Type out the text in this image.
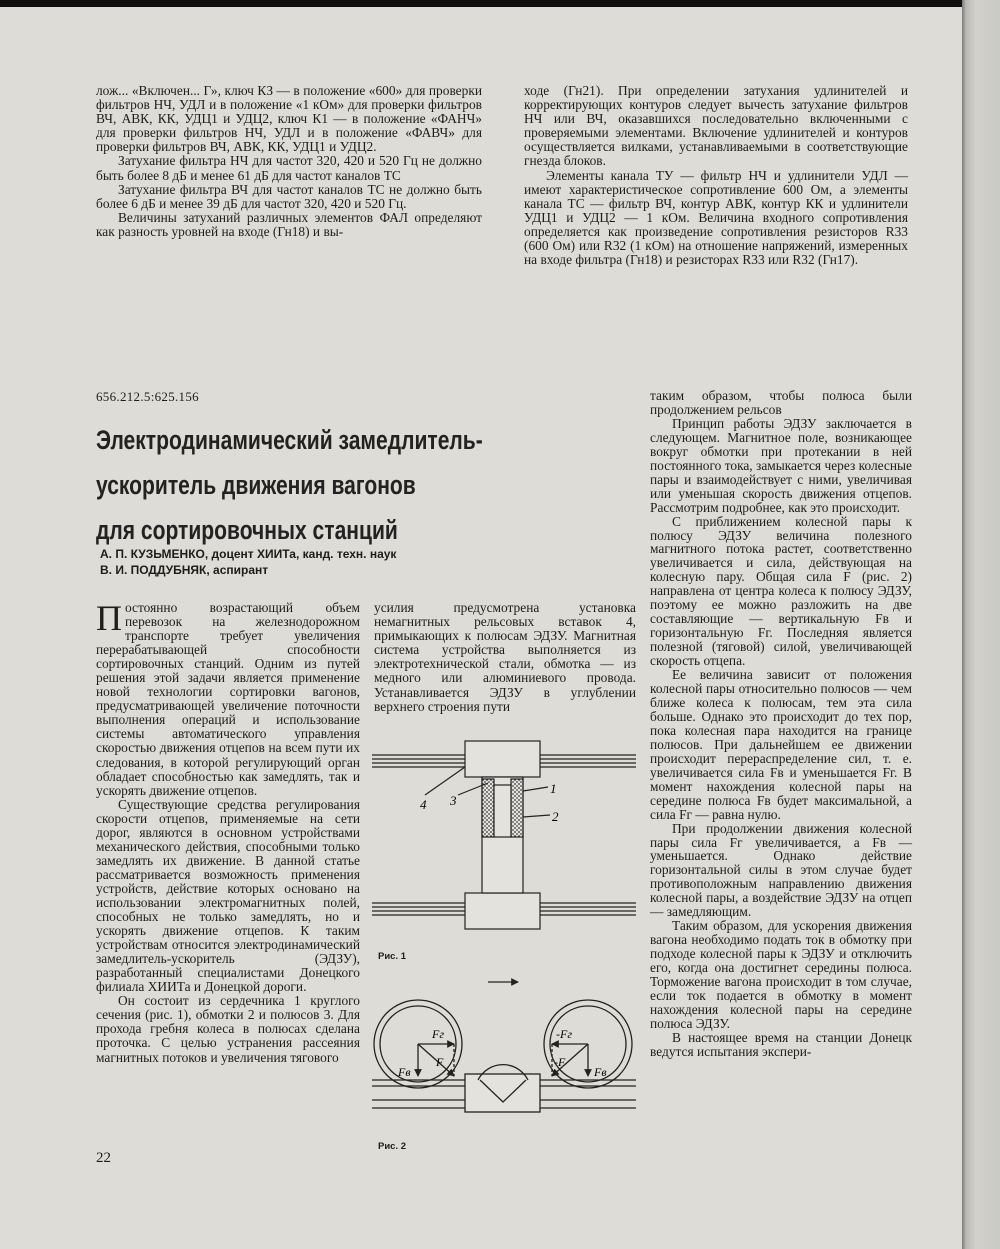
лож... «Включен... Г», ключ КЗ — в положение «600» для проверки фильтров НЧ, УДЛ и в положение «1 кОм» для проверки фильтров ВЧ, АВК, КК, УДЦ1 и УДЦ2, ключ К1 — в положение «ФАНЧ» для проверки фильтров НЧ, УДЛ и в положение «ФАВЧ» для проверки фильтров ВЧ, АВК, КК, УДЦ1 и УДЦ2.

Затухание фильтра НЧ для частот 320, 420 и 520 Гц не должно быть более 8 дБ и менее 61 дБ для частот каналов ТС

Затухание фильтра ВЧ для частот каналов ТС не должно быть более 6 дБ и менее 39 дБ для частот 320, 420 и 520 Гц.

Величины затуханий различных элементов ФАЛ определяют как разность уровней на входе (Гн18) и вы-

ходе (Гн21). При определении затухания удлинителей и корректирующих контуров следует вычесть затухание фильтров НЧ или ВЧ, оказавшихся последовательно включенными с проверяемыми элементами. Включение удлинителей и контуров осуществляется вилками, устанавливаемыми в соответствующие гнезда блоков.

Элементы канала ТУ — фильтр НЧ и удлинители УДЛ — имеют характеристическое сопротивление 600 Ом, а элементы канала ТС — фильтр ВЧ, контур АВК, контур КК и удлинители УДЦ1 и УДЦ2 — 1 кОм. Величина входного сопротивления определяется как произведение сопротивления резисторов R33 (600 Ом) или R32 (1 кОм) на отношение напряжений, измеренных на входе фильтра (Гн18) и резисторах R33 или R32 (Гн17).

656.212.5:625.156
Электродинамический замедлитель-
ускоритель движения вагонов
для сортировочных станций
А. П. КУЗЬМЕНКО, доцент ХИИТа, канд. техн. наук
В. И. ПОДДУБНЯК, аспирант

Постоянно возрастающий объем перевозок на железнодорожном транспорте требует увеличения перерабатывающей способности сортировочных станций. Одним из путей решения этой задачи является применение новой технологии сортировки вагонов, предусматривающей увеличение поточности выполнения операций и использование системы автоматического управления скоростью движения отцепов на всем пути их следования, в которой регулирующий орган обладает способностью как замедлять, так и ускорять движение отцепов.

Существующие средства регулирования скорости отцепов, применяемые на сети дорог, являются в основном устройствами механического действия, способными только замедлять их движение. В данной статье рассматривается возможность применения устройств, действие которых основано на использовании электромагнитных полей, способных не только замедлять, но и ускорять движение отцепов. К таким устройствам относится электродинамический замедлитель-ускоритель (ЭДЗУ), разработанный специалистами Донецкого филиала ХИИТа и Донецкой дороги.

Он состоит из сердечника 1 круглого сечения (рис. 1), обмотки 2 и полюсов 3. Для прохода гребня колеса в полюсах сделана проточка. С целью устранения рассеяния магнитных потоков и увеличения тягового

усилия предусмотрена установка немагнитных рельсовых вставок 4, примыкающих к полюсам ЭДЗУ. Магнитная система устройства выполняется из электротехнической стали, обмотка — из медного или алюминиевого провода. Устанавливается ЭДЗУ в углублении верхнего строения пути

таким образом, чтобы полюса были продолжением рельсов

Принцип работы ЭДЗУ заключается в следующем. Магнитное поле, возникающее вокруг обмотки при протекании в ней постоянного тока, замыкается через колесные пары и взаимодействует с ними, увеличивая или уменьшая скорость движения отцепов. Рассмотрим подробнее, как это происходит.

С приближением колесной пары к полюсу ЭДЗУ величина полезного магнитного потока растет, соответственно увеличивается и сила, действующая на колесную пару. Общая сила F (рис. 2) направлена от центра колеса к полюсу ЭДЗУ, поэтому ее можно разложить на две составляющие — вертикальную Fв и горизонтальную Fг. Последняя является полезной (тяговой) силой, увеличивающей скорость отцепа.

Ее величина зависит от положения колесной пары относительно полюсов — чем ближе колеса к полюсам, тем эта сила больше. Однако это происходит до тех пор, пока колесная пара находится на границе полюсов. При дальнейшем ее движении происходит перераспределение сил, т. е. увеличивается сила Fв и уменьшается Fг. В момент нахождения колесной пары на середине полюса Fв будет максимальной, а сила Fг — равна нулю.

При продолжении движения колесной пары сила Fг увеличивается, а Fв — уменьшается. Однако действие горизонтальной силы в этом случае будет противоположным направлению движения колесной пары, а воздействие ЭДЗУ на отцеп — замедляющим.

Таким образом, для ускорения движения вагона необходимо подать ток в обмотку при подходе колесной пары к ЭДЗУ и отключить его, когда она достигнет середины полюса. Торможение вагона происходит в том случае, если ток подается в обмотку в момент нахождения колесной пары на середине полюса ЭДЗУ.

В настоящее время на станции Донецк ведутся испытания экспери-

4 3
1
2
Рис. 1
Fг
F
Fв
-Fг
-F
Fв
Рис. 2
22
